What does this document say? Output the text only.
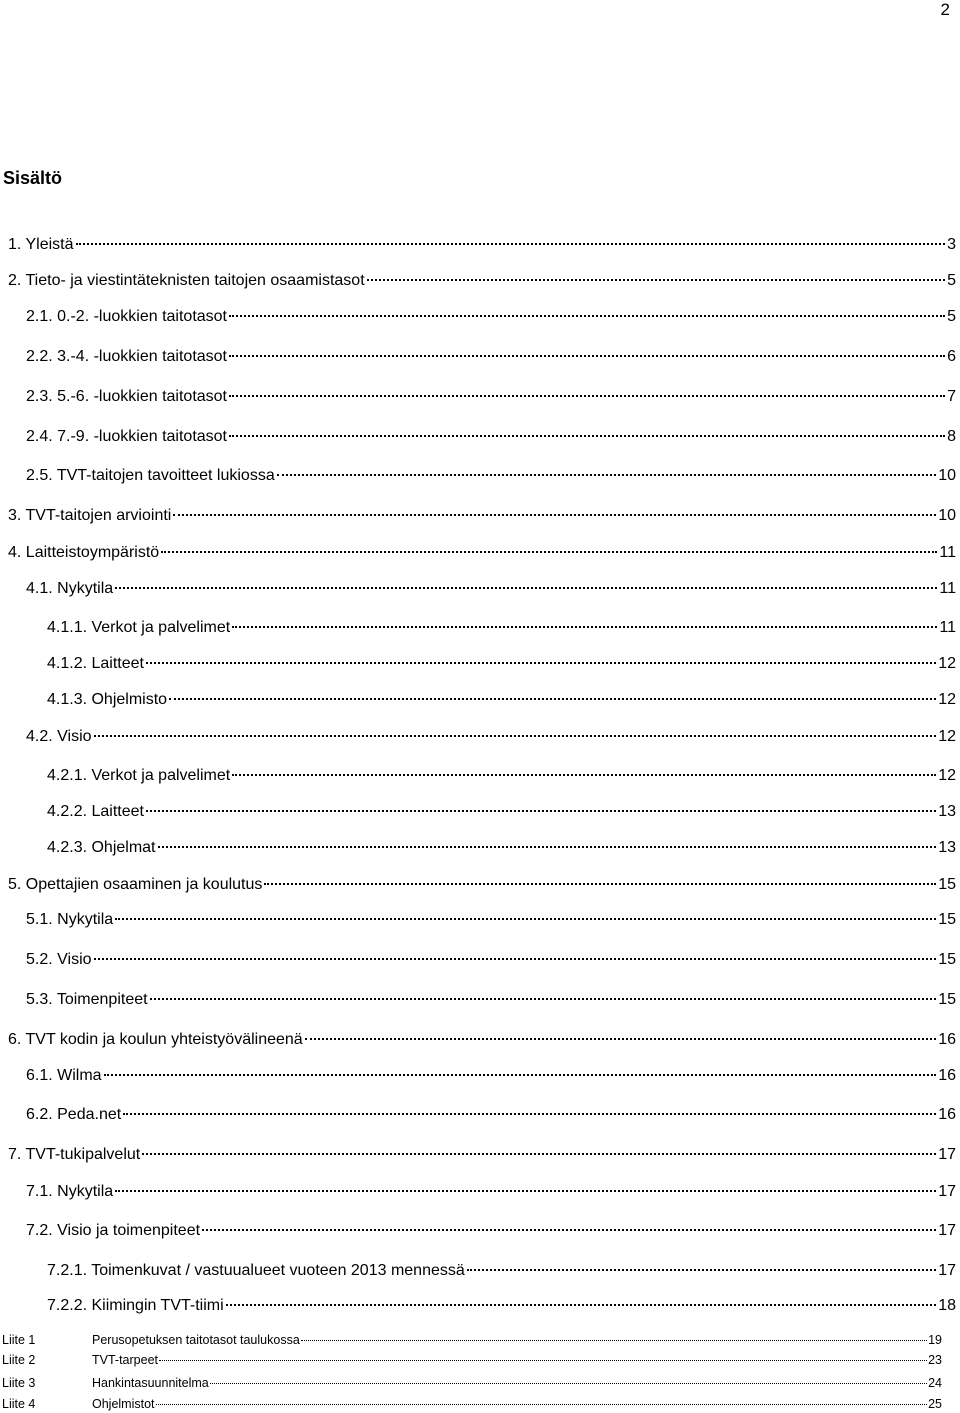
2
Sisältö
1. Yleistä	3
2. Tieto- ja viestintäteknisten taitojen osaamistasot	5
2.1. 0.-2. -luokkien taitotasot	5
2.2. 3.-4. -luokkien taitotasot	6
2.3. 5.-6. -luokkien taitotasot	7
2.4. 7.-9. -luokkien taitotasot	8
2.5. TVT-taitojen tavoitteet lukiossa	10
3. TVT-taitojen arviointi	10
4. Laitteistoympäristö	11
4.1. Nykytila	11
4.1.1. Verkot ja palvelimet	11
4.1.2. Laitteet	12
4.1.3. Ohjelmisto	12
4.2. Visio	12
4.2.1. Verkot ja palvelimet	12
4.2.2. Laitteet	13
4.2.3. Ohjelmat	13
5. Opettajien osaaminen ja koulutus	15
5.1. Nykytila	15
5.2. Visio	15
5.3. Toimenpiteet	15
6. TVT kodin ja koulun yhteistyövälineenä	16
6.1. Wilma	16
6.2. Peda.net	16
7. TVT-tukipalvelut	17
7.1. Nykytila	17
7.2. Visio ja toimenpiteet	17
7.2.1. Toimenkuvat / vastuualueet vuoteen 2013 mennessä	17
7.2.2. Kiimingin TVT-tiimi	18
Liite 1	Perusopetuksen taitotasot taulukossa	19
Liite 2	TVT-tarpeet	23
Liite 3	Hankintasuunnitelma	24
Liite 4	Ohjelmistot	25
